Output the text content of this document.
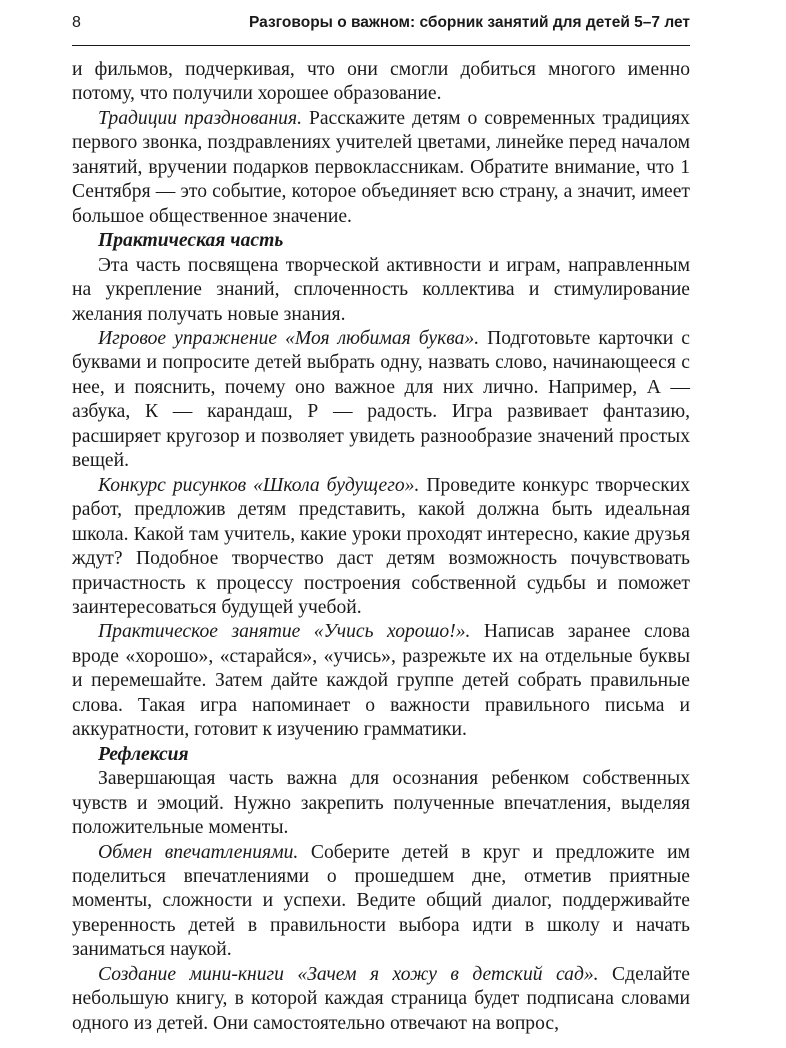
8	Разговоры о важном: сборник занятий для детей 5–7 лет

и фильмов, подчеркивая, что они смогли добиться многого именно потому, что получили хорошее образование.

Традиции празднования. Расскажите детям о современных традициях первого звонка, поздравлениях учителей цветами, линейке перед началом занятий, вручении подарков первоклассникам. Обратите внимание, что 1 Сентября — это событие, которое объединяет всю страну, а значит, имеет большое общественное значение.

Практическая часть

Эта часть посвящена творческой активности и играм, направленным на укрепление знаний, сплоченность коллектива и стимулирование желания получать новые знания.

Игровое упражнение «Моя любимая буква». Подготовьте карточки с буквами и попросите детей выбрать одну, назвать слово, начинающееся с нее, и пояснить, почему оно важное для них лично. Например, А — азбука, К — карандаш, Р — радость. Игра развивает фантазию, расширяет кругозор и позволяет увидеть разнообразие значений простых вещей.

Конкурс рисунков «Школа будущего». Проведите конкурс творческих работ, предложив детям представить, какой должна быть идеальная школа. Какой там учитель, какие уроки проходят интересно, какие друзья ждут? Подобное творчество даст детям возможность почувствовать причастность к процессу построения собственной судьбы и поможет заинтересоваться будущей учебой.

Практическое занятие «Учись хорошо!». Написав заранее слова вроде «хорошо», «старайся», «учись», разрежьте их на отдельные буквы и перемешайте. Затем дайте каждой группе детей собрать правильные слова. Такая игра напоминает о важности правильного письма и аккуратности, готовит к изучению грамматики.

Рефлексия

Завершающая часть важна для осознания ребенком собственных чувств и эмоций. Нужно закрепить полученные впечатления, выделяя положительные моменты.

Обмен впечатлениями. Соберите детей в круг и предложите им поделиться впечатлениями о прошедшем дне, отметив приятные моменты, сложности и успехи. Ведите общий диалог, поддерживайте уверенность детей в правильности выбора идти в школу и начать заниматься наукой.

Создание мини-книги «Зачем я хожу в детский сад». Сделайте небольшую книгу, в которой каждая страница будет подписана словами одного из детей. Они самостоятельно отвечают на вопрос,
